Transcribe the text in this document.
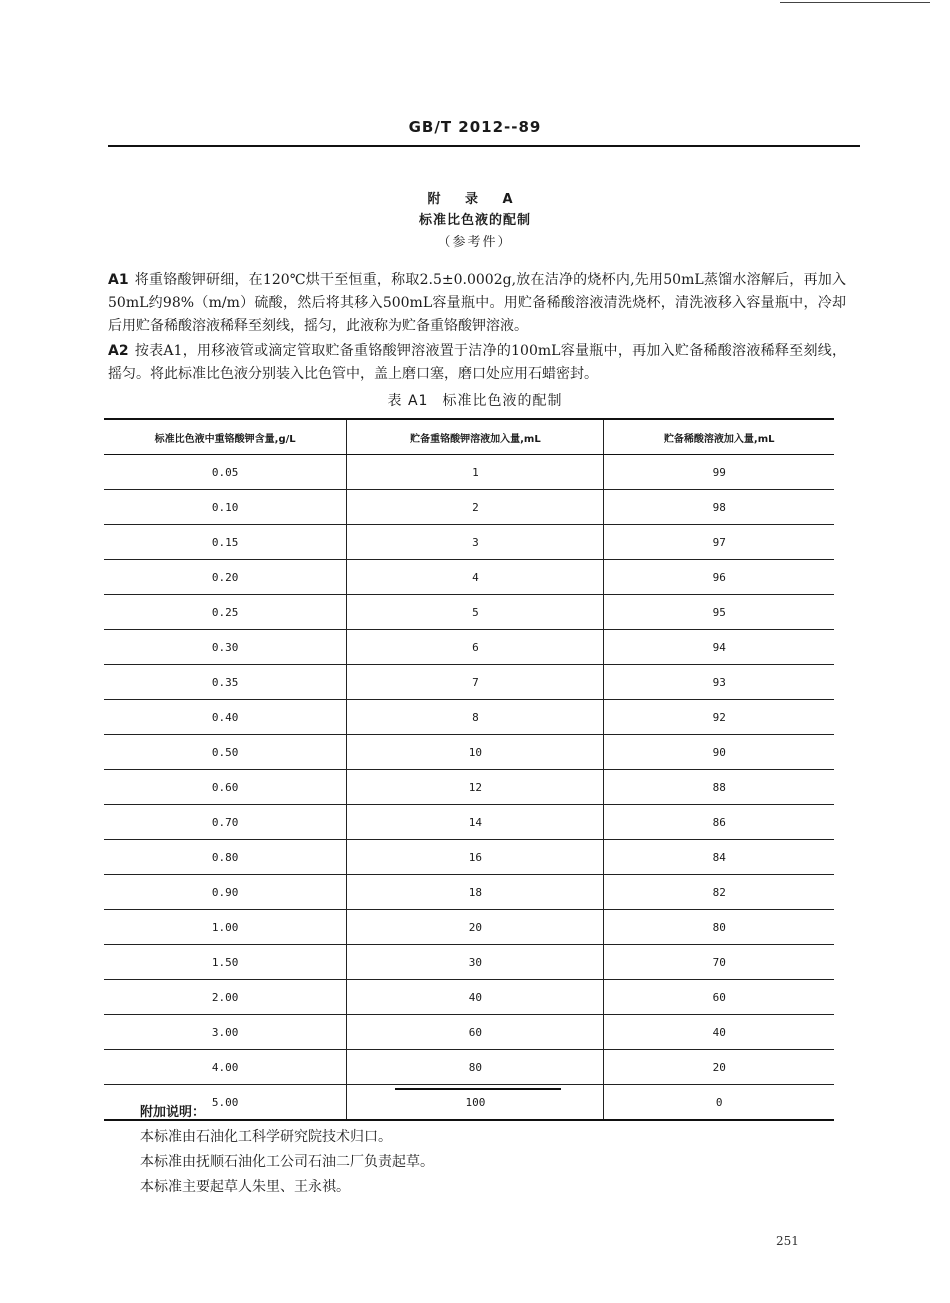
GB/T 2012--89
附 录 A
标准比色液的配制
（参考件）

A1 将重铬酸钾研细，在120℃烘干至恒重，称取2.5±0.0002g,放在洁净的烧杯内,先用50mL蒸馏水溶解后，再加入50mL约98%（m/m）硫酸，然后将其移入500mL容量瓶中。用贮备稀酸溶液清洗烧杯，清洗液移入容量瓶中，冷却后用贮备稀酸溶液稀释至刻线，摇匀，此液称为贮备重铬酸钾溶液。

A2 按表A1，用移液管或滴定管取贮备重铬酸钾溶液置于洁净的100mL容量瓶中，再加入贮备稀酸溶液稀释至刻线，摇匀。将此标准比色液分别装入比色管中，盖上磨口塞，磨口处应用石蜡密封。

表 A1 标准比色液的配制
标准比色液中重铬酸钾含量,g/L	贮备重铬酸钾溶液加入量,mL	贮备稀酸溶液加入量,mL
0.05	1	99
0.10	2	98
0.15	3	97
0.20	4	96
0.25	5	95
0.30	6	94
0.35	7	93
0.40	8	92
0.50	10	90
0.60	12	88
0.70	14	86
0.80	16	84
0.90	18	82
1.00	20	80
1.50	30	70
2.00	40	60
3.00	60	40
4.00	80	20
5.00	100	0
附加说明：
本标准由石油化工科学研究院技术归口。
本标准由抚顺石油化工公司石油二厂负责起草。
本标准主要起草人朱里、王永祺。
251
